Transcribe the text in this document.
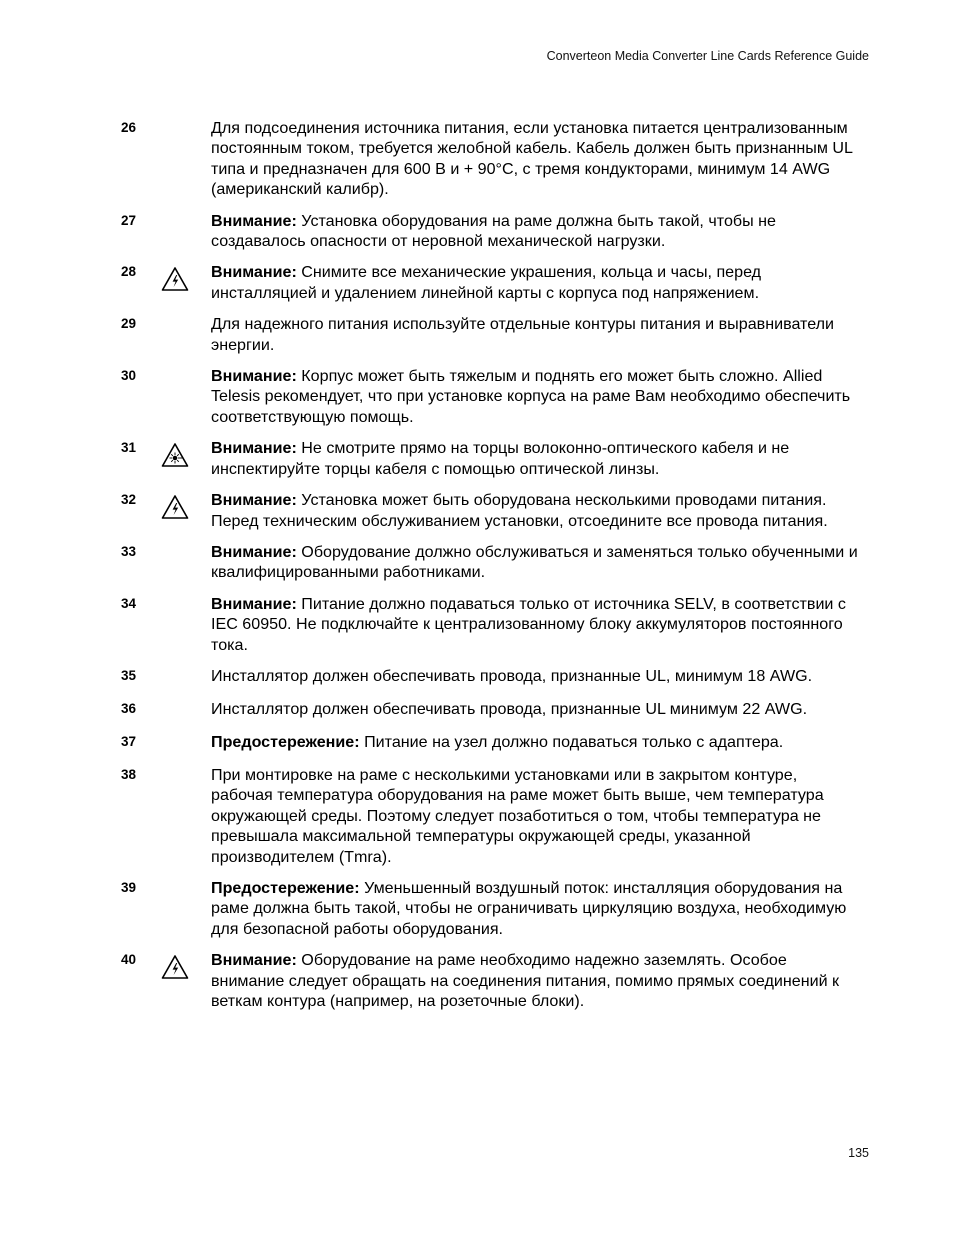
Converteon Media Converter Line Cards Reference Guide
26	Для подсоединения источника питания, если установка питается централизованным постоянным током, требуется желобной кабель. Кабель должен быть признанным UL типа и предназначен для 600 В и + 90°C, с тремя кондукторами, минимум 14 AWG (американский калибр).
27	Внимание: Установка оборудования на раме должна быть такой, чтобы не создавалось опасности от неровной механической нагрузки.
28	Внимание: Снимите все механические украшения, кольца и часы, перед инсталляцией и удалением линейной карты с корпуса под напряжением.
29	Для надежного питания используйте отдельные контуры питания и выравниватели энергии.
30	Внимание: Корпус может быть тяжелым и поднять его может быть сложно. Allied Telesis рекомендует, что при установке корпуса на раме Вам необходимо обеспечить соответствующую помощь.
31	Внимание: Не смотрите прямо на торцы волоконно-оптического кабеля и не инспектируйте торцы кабеля с помощью оптической линзы.
32	Внимание: Установка может быть оборудована несколькими проводами питания. Перед техническим обслуживанием установки, отсоедините все провода питания.
33	Внимание: Оборудование должно обслуживаться и заменяться только обученными и квалифицированными работниками.
34	Внимание: Питание должно подаваться только от источника SELV, в соответствии с IEC 60950. Не подключайте к централизованному блоку аккумуляторов постоянного тока.
35	Инсталлятор должен обеспечивать провода, признанные UL, минимум 18 AWG.
36	Инсталлятор должен обеспечивать провода, признанные UL минимум 22 AWG.
37	Предостережение: Питание на узел должно подаваться только с адаптера.
38	При монтировке на раме с несколькими установками или в закрытом контуре, рабочая температура оборудования на раме может быть выше, чем температура окружающей среды. Поэтому следует позаботиться о том, чтобы температура не превышала максимальной температуры окружающей среды, указанной производителем (Tmra).
39	Предостережение: Уменьшенный воздушный поток: инсталляция оборудования на раме должна быть такой, чтобы не ограничивать циркуляцию воздуха, необходимую для безопасной работы оборудования.
40	Внимание: Оборудование на раме необходимо надежно заземлять. Особое внимание следует обращать на соединения питания, помимо прямых соединений к веткам контура (например, на розеточные блоки).
135
